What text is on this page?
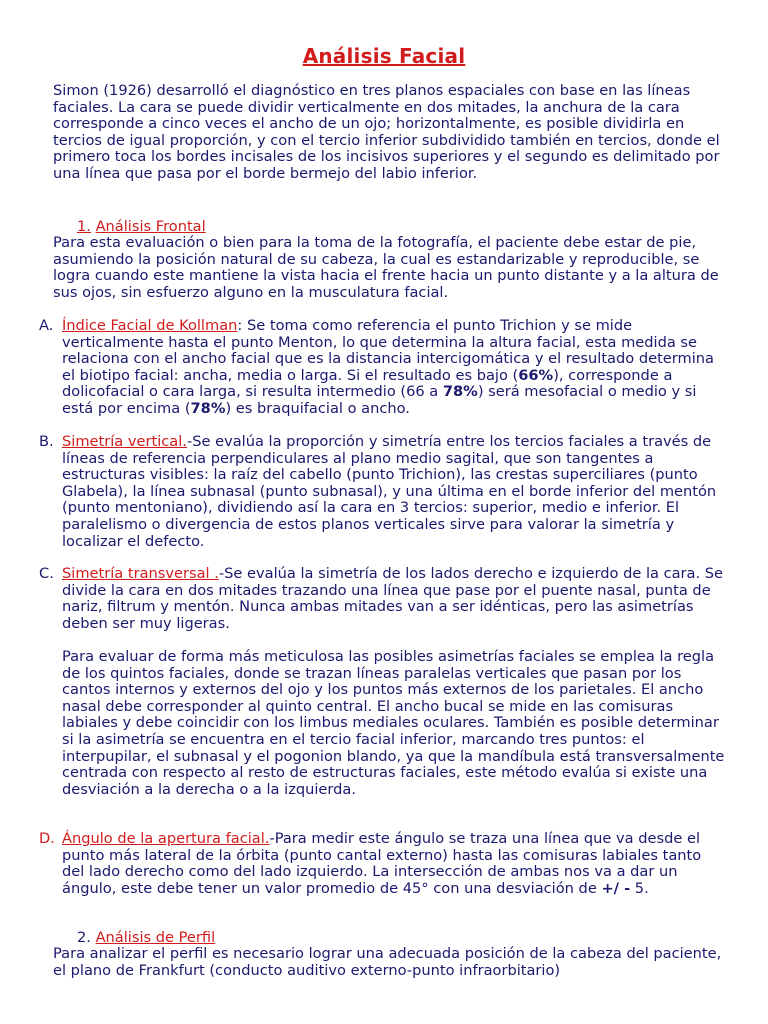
Análisis Facial
Simon (1926) desarrolló el diagnóstico en tres planos espaciales con base en las líneas faciales. La cara se puede dividir verticalmente en dos mitades, la anchura de la cara corresponde a cinco veces el ancho de un ojo; horizontalmente, es posible dividirla en tercios de igual proporción, y con el tercio inferior subdividido también en tercios, donde el primero toca los bordes incisales de los incisivos superiores y el segundo es delimitado por una línea que pasa por el borde bermejo del labio inferior.
1. Análisis Frontal
Para esta evaluación o bien para la toma de la fotografía, el paciente debe estar de pie, asumiendo la posición natural de su cabeza, la cual es estandarizable y reproducible, se logra cuando este mantiene la vista hacia el frente hacia un punto distante y a la altura de sus ojos, sin esfuerzo alguno en la musculatura facial.
A. Índice Facial de Kollman: Se toma como referencia el punto Trichion y se mide verticalmente hasta el punto Menton, lo que determina la altura facial, esta medida se relaciona con el ancho facial que es la distancia intercigomática y el resultado determina el biotipo facial: ancha, media o larga. Si el resultado es bajo (66%), corresponde a dolicofacial o cara larga, si resulta intermedio (66 a 78%) será mesofacial o medio y si está por encima (78%) es braquifacial o ancho.
B. Simetría vertical.-Se evalúa la proporción y simetría entre los tercios faciales a través de líneas de referencia perpendiculares al plano medio sagital, que son tangentes a estructuras visibles: la raíz del cabello (punto Trichion), las crestas superciliares (punto Glabela), la línea subnasal (punto subnasal), y una última en el borde inferior del mentón (punto mentoniano), dividiendo así la cara en 3 tercios: superior, medio e inferior. El paralelismo o divergencia de estos planos verticales sirve para valorar la simetría y localizar el defecto.
C. Simetría transversal .-Se evalúa la simetría de los lados derecho e izquierdo de la cara. Se divide la cara en dos mitades trazando una línea que pase por el puente nasal, punta de nariz, filtrum y mentón. Nunca ambas mitades van a ser idénticas, pero las asimetrías deben ser muy ligeras.
Para evaluar de forma más meticulosa las posibles asimetrías faciales se emplea la regla de los quintos faciales, donde se trazan líneas paralelas verticales que pasan por los cantos internos y externos del ojo y los puntos más externos de los parietales. El ancho nasal debe corresponder al quinto central. El ancho bucal se mide en las comisuras labiales y debe coincidir con los limbus mediales oculares. También es posible determinar si la asimetría se encuentra en el tercio facial inferior, marcando tres puntos: el interpupilar, el subnasal y el pogonion blando, ya que la mandíbula está transversalmente centrada con respecto al resto de estructuras faciales, este método evalúa si existe una desviación a la derecha o a la izquierda.
D. Ángulo de la apertura facial.-Para medir este ángulo se traza una línea que va desde el punto más lateral de la órbita (punto cantal externo) hasta las comisuras labiales tanto del lado derecho como del lado izquierdo. La intersección de ambas nos va a dar un ángulo, este debe tener un valor promedio de 45° con una desviación de +/ - 5.
2. Análisis de Perfil
Para analizar el perfil es necesario lograr una adecuada posición de la cabeza del paciente, el plano de Frankfurt (conducto auditivo externo-punto infraorbitario)
